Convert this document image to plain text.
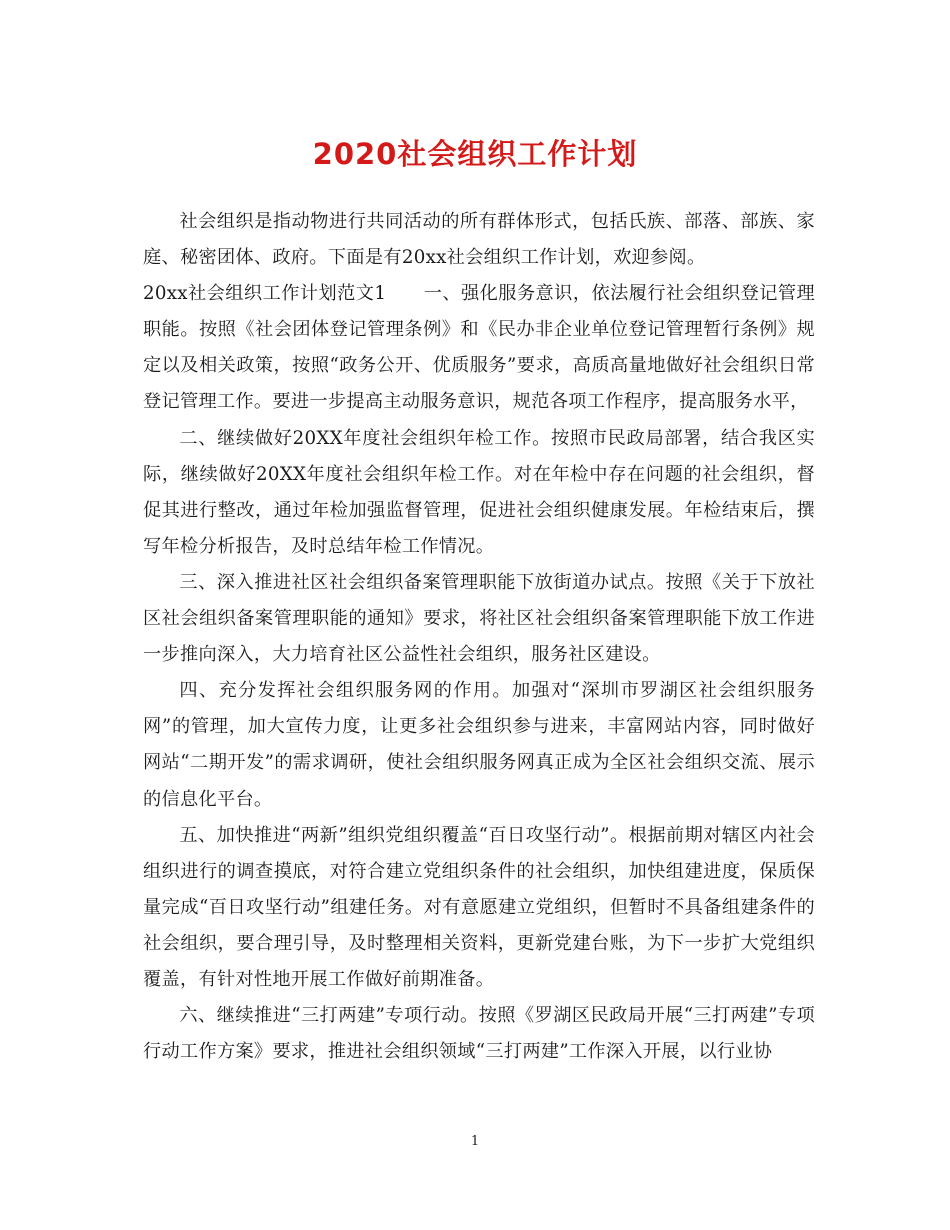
2020社会组织工作计划

社会组织是指动物进行共同活动的所有群体形式，包括氏族、部落、部族、家庭、秘密团体、政府。下面是有20xx社会组织工作计划，欢迎参阅。

20xx社会组织工作计划范文1　　一、强化服务意识，依法履行社会组织登记管理职能。按照《社会团体登记管理条例》和《民办非企业单位登记管理暂行条例》规定以及相关政策，按照“政务公开、优质服务”要求，高质高量地做好社会组织日常登记管理工作。要进一步提高主动服务意识，规范各项工作程序，提高服务水平，

二、继续做好20XX年度社会组织年检工作。按照市民政局部署，结合我区实际，继续做好20XX年度社会组织年检工作。对在年检中存在问题的社会组织，督促其进行整改，通过年检加强监督管理，促进社会组织健康发展。年检结束后，撰写年检分析报告，及时总结年检工作情况。

三、深入推进社区社会组织备案管理职能下放街道办试点。按照《关于下放社区社会组织备案管理职能的通知》要求，将社区社会组织备案管理职能下放工作进一步推向深入，大力培育社区公益性社会组织，服务社区建设。

四、充分发挥社会组织服务网的作用。加强对“深圳市罗湖区社会组织服务网”的管理，加大宣传力度，让更多社会组织参与进来，丰富网站内容，同时做好网站“二期开发”的需求调研，使社会组织服务网真正成为全区社会组织交流、展示的信息化平台。

五、加快推进“两新”组织党组织覆盖“百日攻坚行动”。根据前期对辖区内社会组织进行的调查摸底，对符合建立党组织条件的社会组织，加快组建进度，保质保量完成“百日攻坚行动”组建任务。对有意愿建立党组织，但暂时不具备组建条件的社会组织，要合理引导，及时整理相关资料，更新党建台账，为下一步扩大党组织覆盖，有针对性地开展工作做好前期准备。

六、继续推进“三打两建”专项行动。按照《罗湖区民政局开展“三打两建”专项行动工作方案》要求，推进社会组织领域“三打两建”工作深入开展，以行业协

1
